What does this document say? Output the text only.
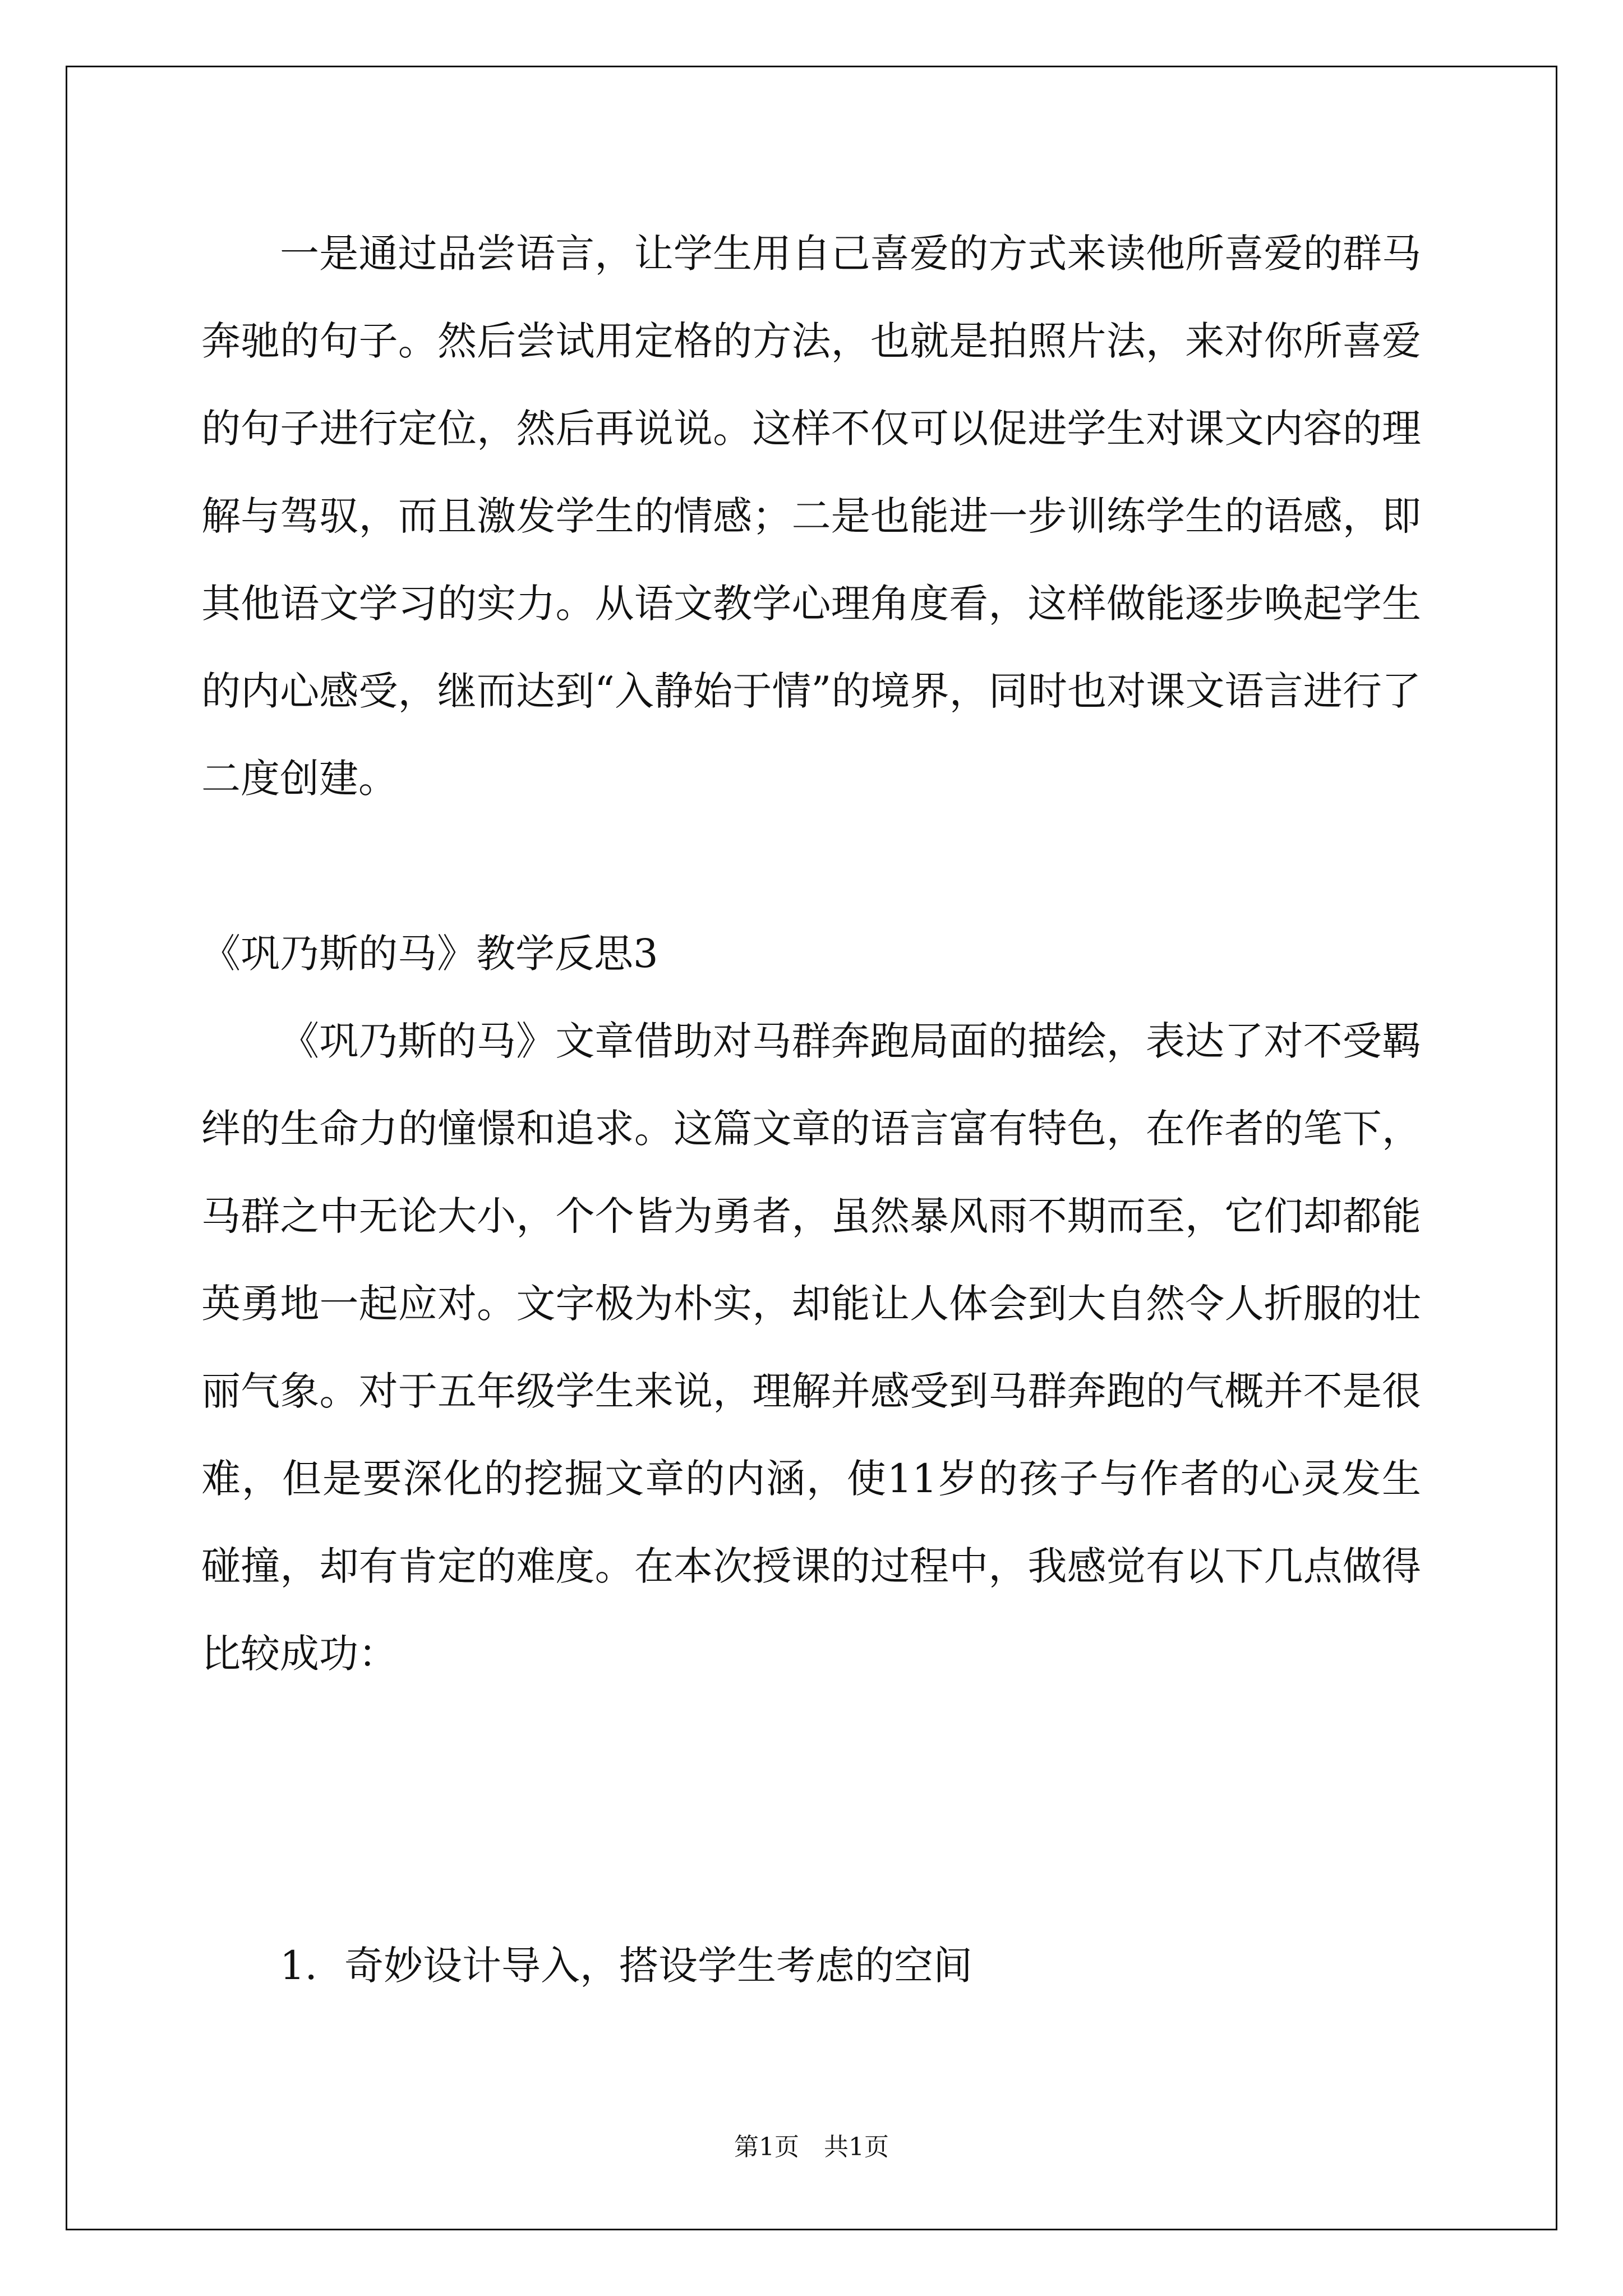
一是通过品尝语言，让学生用自己喜爱的方式来读他所喜爱的群马奔驰的句子。然后尝试用定格的方法，也就是拍照片法，来对你所喜爱的句子进行定位，然后再说说。这样不仅可以促进学生对课文内容的理解与驾驭，而且激发学生的情感；二是也能进一步训练学生的语感，即其他语文学习的实力。从语文教学心理角度看，这样做能逐步唤起学生的内心感受，继而达到“入静始于情”的境界，同时也对课文语言进行了二度创建。

《巩乃斯的马》教学反思3

《巩乃斯的马》文章借助对马群奔跑局面的描绘，表达了对不受羁绊的生命力的憧憬和追求。这篇文章的语言富有特色，在作者的笔下，马群之中无论大小，个个皆为勇者，虽然暴风雨不期而至，它们却都能英勇地一起应对。文字极为朴实，却能让人体会到大自然令人折服的壮丽气象。对于五年级学生来说，理解并感受到马群奔跑的气概并不是很难，但是要深化的挖掘文章的内涵，使11岁的孩子与作者的心灵发生碰撞，却有肯定的难度。在本次授课的过程中，我感觉有以下几点做得比较成功：

1. 奇妙设计导入，搭设学生考虑的空间

第1页 共1页
